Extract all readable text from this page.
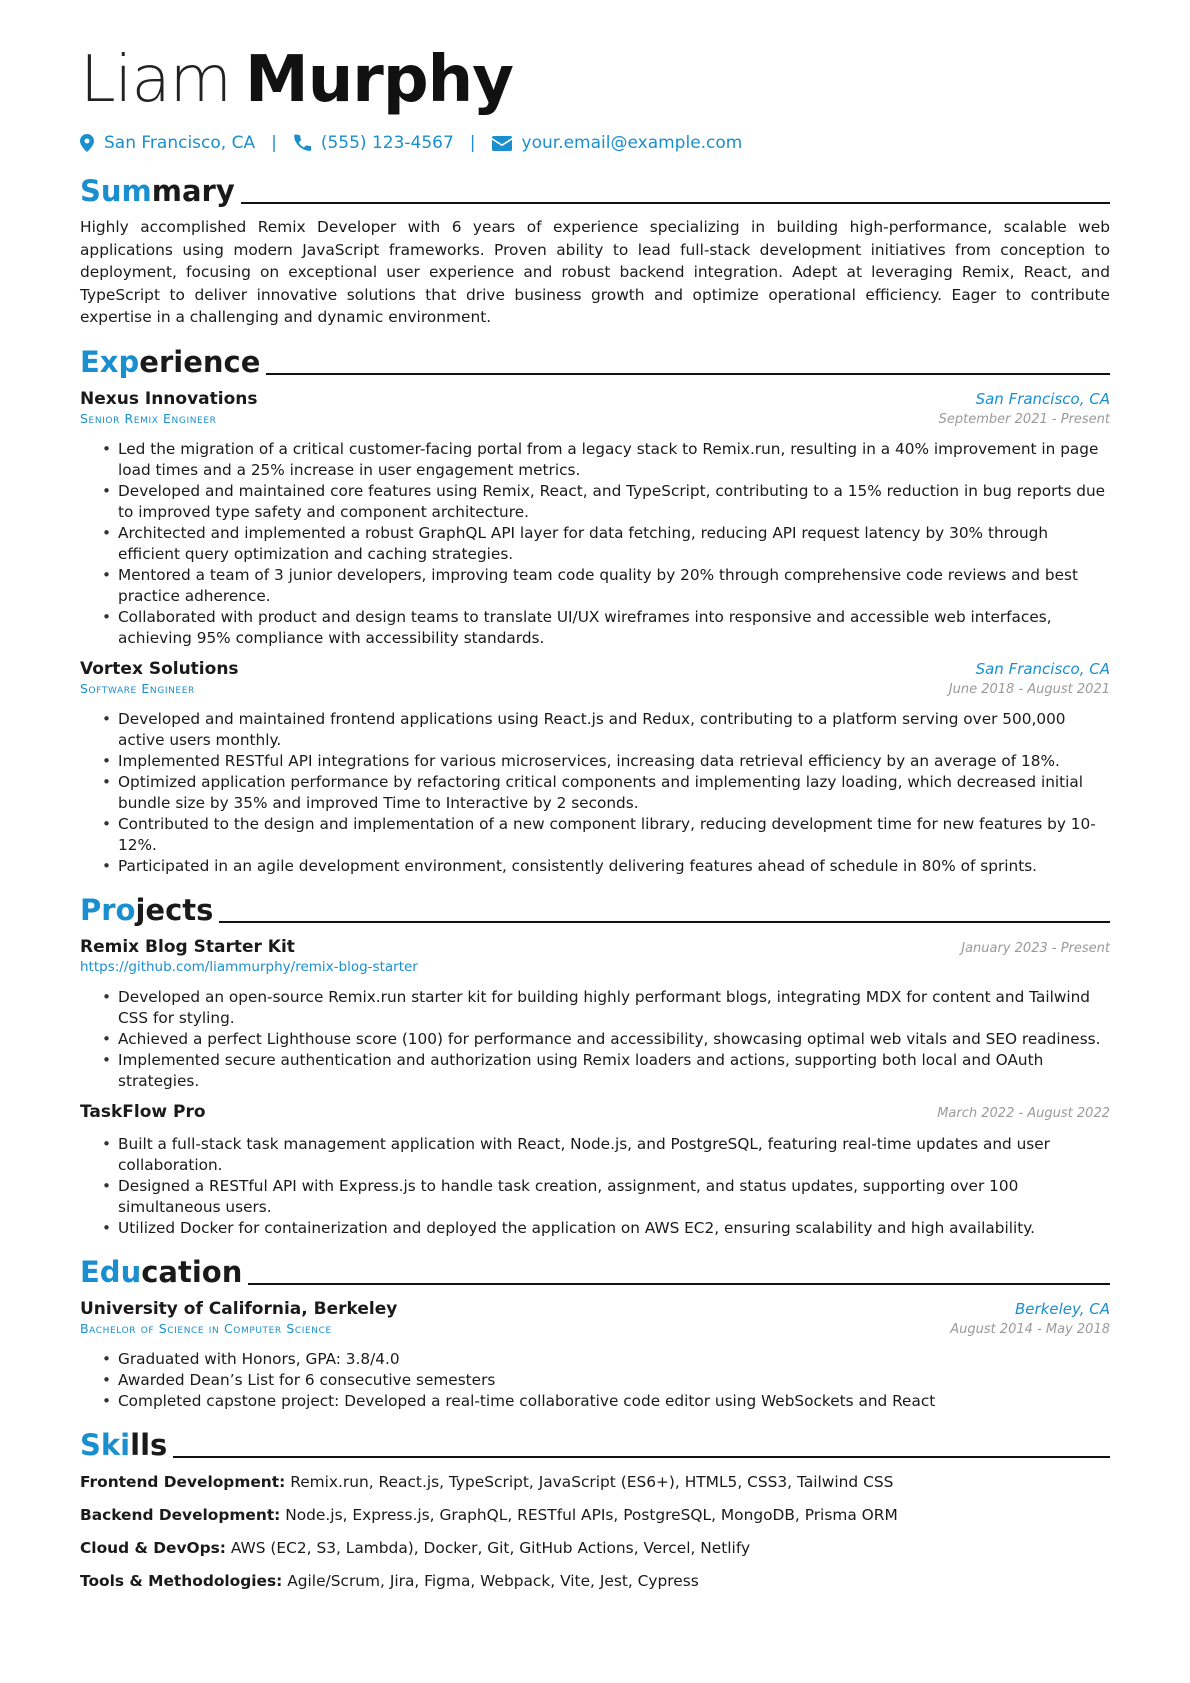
Liam Murphy
San Francisco, CA |	(555) 123-4567 |	your.email@example.com
Summary

Highly accomplished Remix Developer with 6 years of experience specializing in building high-performance, scalable web applications using modern JavaScript frameworks. Proven ability to lead full-stack development initiatives from conception to deployment, focusing on exceptional user experience and robust backend integration. Adept at leveraging Remix, React, and TypeScript to deliver innovative solutions that drive business growth and optimize operational efficiency. Eager to contribute expertise in a challenging and dynamic environment.

Experience
Nexus Innovations	San Francisco, CA
Senior Remix Engineer	September 2021 - Present
• Led the migration of a critical customer-facing portal from a legacy stack to Remix.run, resulting in a 40% improvement in page load times and a 25% increase in user engagement metrics.
• Developed and maintained core features using Remix, React, and TypeScript, contributing to a 15% reduction in bug reports due to improved type safety and component architecture.
• Architected and implemented a robust GraphQL API layer for data fetching, reducing API request latency by 30% through efficient query optimization and caching strategies.
• Mentored a team of 3 junior developers, improving team code quality by 20% through comprehensive code reviews and best practice adherence.
• Collaborated with product and design teams to translate UI/UX wireframes into responsive and accessible web interfaces, achieving 95% compliance with accessibility standards.
Vortex Solutions	San Francisco, CA
Software Engineer	June 2018 - August 2021
• Developed and maintained frontend applications using React.js and Redux, contributing to a platform serving over 500,000 active users monthly.
• Implemented RESTful API integrations for various microservices, increasing data retrieval efficiency by an average of 18%.
• Optimized application performance by refactoring critical components and implementing lazy loading, which decreased initial bundle size by 35% and improved Time to Interactive by 2 seconds.
• Contributed to the design and implementation of a new component library, reducing development time for new features by 10-12%.
• Participated in an agile development environment, consistently delivering features ahead of schedule in 80% of sprints.
Projects
Remix Blog Starter Kit	January 2023 - Present
https://github.com/liammurphy/remix-blog-starter
• Developed an open-source Remix.run starter kit for building highly performant blogs, integrating MDX for content and Tailwind CSS for styling.
• Achieved a perfect Lighthouse score (100) for performance and accessibility, showcasing optimal web vitals and SEO readiness.
• Implemented secure authentication and authorization using Remix loaders and actions, supporting both local and OAuth strategies.
TaskFlow Pro	March 2022 - August 2022
• Built a full-stack task management application with React, Node.js, and PostgreSQL, featuring real-time updates and user collaboration.
• Designed a RESTful API with Express.js to handle task creation, assignment, and status updates, supporting over 100 simultaneous users.
• Utilized Docker for containerization and deployed the application on AWS EC2, ensuring scalability and high availability.
Education
University of California, Berkeley	Berkeley, CA
Bachelor of Science in Computer Science	August 2014 - May 2018
• Graduated with Honors, GPA: 3.8/4.0
• Awarded Dean’s List for 6 consecutive semesters
• Completed capstone project: Developed a real-time collaborative code editor using WebSockets and React
Skills
Frontend Development: Remix.run, React.js, TypeScript, JavaScript (ES6+), HTML5, CSS3, Tailwind CSS
Backend Development: Node.js, Express.js, GraphQL, RESTful APIs, PostgreSQL, MongoDB, Prisma ORM
Cloud & DevOps: AWS (EC2, S3, Lambda), Docker, Git, GitHub Actions, Vercel, Netlify
Tools & Methodologies: Agile/Scrum, Jira, Figma, Webpack, Vite, Jest, Cypress
